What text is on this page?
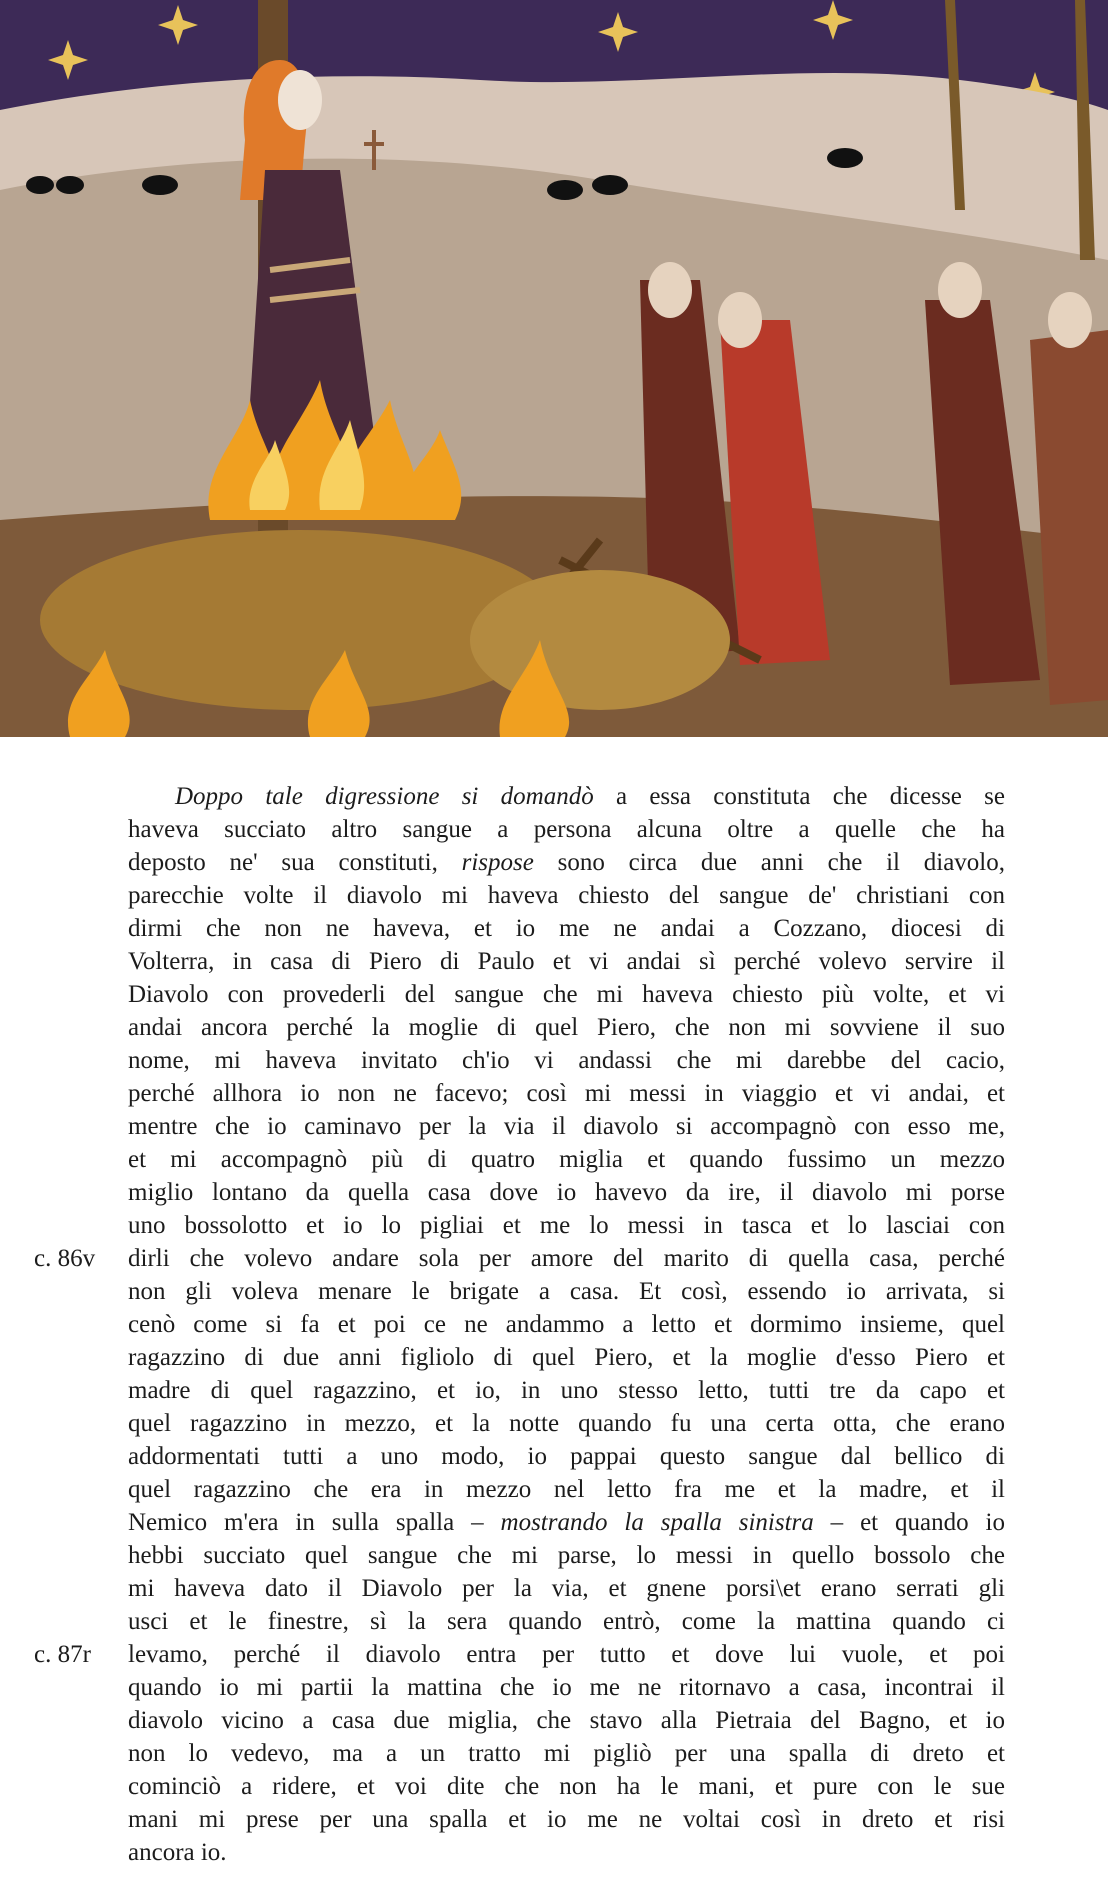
Doppo tale digressione si domandò a essa constituta che dicesse se
haveva succiato altro sangue a persona alcuna oltre a quelle che ha
deposto ne' sua constituti, rispose sono circa due anni che il diavolo,
parecchie volte il diavolo mi haveva chiesto del sangue de' christiani con
dirmi che non ne haveva, et io me ne andai a Cozzano, diocesi di
Volterra, in casa di Piero di Paulo et vi andai sì perché volevo servire il
Diavolo con provederli del sangue che mi haveva chiesto più volte, et vi
andai ancora perché la moglie di quel Piero, che non mi sovviene il suo
nome, mi haveva invitato ch'io vi andassi che mi darebbe del cacio,
perché allhora io non ne facevo; così mi messi in viaggio et vi andai, et
mentre che io caminavo per la via il diavolo si accompagnò con esso me,
et mi accompagnò più di quatro miglia et quando fussimo un mezzo
miglio lontano da quella casa dove io havevo da ire, il diavolo mi porse
uno bossolotto et io lo pigliai et me lo messi in tasca et lo lasciai con
c. 86v	dirli che volevo andare sola per amore del marito di quella casa, perché
non gli voleva menare le brigate a casa. Et così, essendo io arrivata, si
cenò come si fa et poi ce ne andammo a letto et dormimo insieme, quel
ragazzino di due anni figliolo di quel Piero, et la moglie d'esso Piero et
madre di quel ragazzino, et io, in uno stesso letto, tutti tre da capo et
quel ragazzino in mezzo, et la notte quando fu una certa otta, che erano
addormentati tutti a uno modo, io pappai questo sangue dal bellico di
quel ragazzino che era in mezzo nel letto fra me et la madre, et il
Nemico m'era in sulla spalla – mostrando la spalla sinistra – et quando io
hebbi succiato quel sangue che mi parse, lo messi in quello bossolo che
mi haveva dato il Diavolo per la via, et gnene porsi\et erano serrati gli
usci et le finestre, sì la sera quando entrò, come la mattina quando ci
c. 87r	levamo, perché il diavolo entra per tutto et dove lui vuole, et poi
quando io mi partii la mattina che io me ne ritornavo a casa, incontrai il
diavolo vicino a casa due miglia, che stavo alla Pietraia del Bagno, et io
non lo vedevo, ma a un tratto mi pigliò per una spalla di dreto et
cominciò a ridere, et voi dite che non ha le mani, et pure con le sue
mani mi prese per una spalla et io me ne voltai così in dreto et risi
ancora io.
